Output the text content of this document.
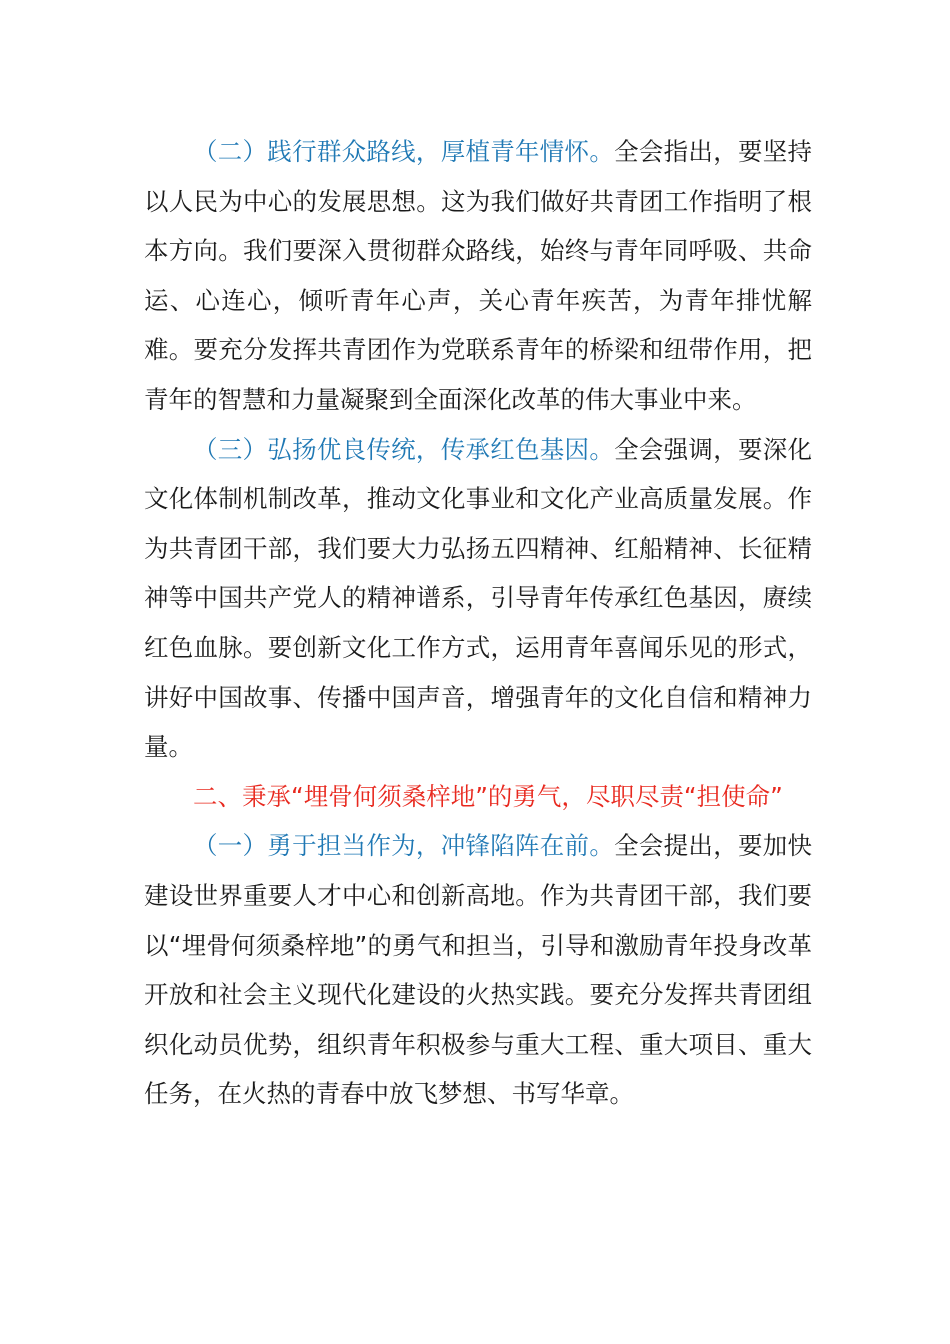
（二）践行群众路线，厚植青年情怀。全会指出，要坚持以人民为中心的发展思想。这为我们做好共青团工作指明了根本方向。我们要深入贯彻群众路线，始终与青年同呼吸、共命运、心连心，倾听青年心声，关心青年疾苦，为青年排忧解难。要充分发挥共青团作为党联系青年的桥梁和纽带作用，把青年的智慧和力量凝聚到全面深化改革的伟大事业中来。

（三）弘扬优良传统，传承红色基因。全会强调，要深化文化体制机制改革，推动文化事业和文化产业高质量发展。作为共青团干部，我们要大力弘扬五四精神、红船精神、长征精神等中国共产党人的精神谱系，引导青年传承红色基因，赓续红色血脉。要创新文化工作方式，运用青年喜闻乐见的形式，讲好中国故事、传播中国声音，增强青年的文化自信和精神力量。

二、秉承“埋骨何须桑梓地”的勇气，尽职尽责“担使命”

（一）勇于担当作为，冲锋陷阵在前。全会提出，要加快建设世界重要人才中心和创新高地。作为共青团干部，我们要以“埋骨何须桑梓地”的勇气和担当，引导和激励青年投身改革开放和社会主义现代化建设的火热实践。要充分发挥共青团组织化动员优势，组织青年积极参与重大工程、重大项目、重大任务，在火热的青春中放飞梦想、书写华章。
